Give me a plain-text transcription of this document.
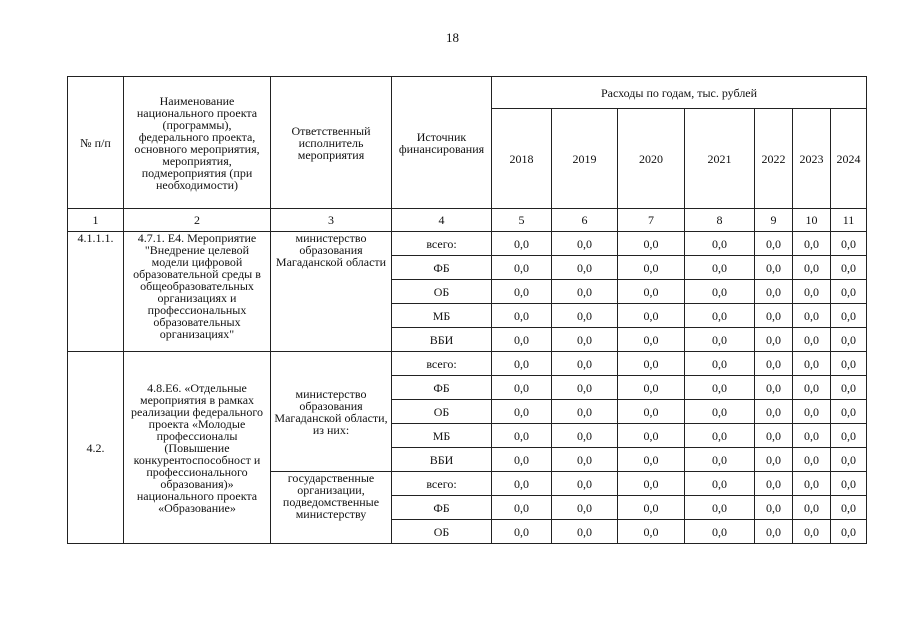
18
№ п/п	Наименование национального проекта (программы), федерального проекта, основного мероприятия, мероприятия, подмероприятия (при необходимости)	Ответственный исполнитель мероприятия	Источник финансирования	Расходы по годам, тыс. рублей						
				2018	2019	2020	2021	2022	2023	2024
1	2	3	4	5	6	7	8	9	10	11
4.1.1.1.	4.7.1. Е4. Мероприятие "Внедрение целевой модели цифровой образовательной среды в общеобразовательных организациях и профессиональных образовательных организациях"	министерство образования Магаданской области	всего:	0,0	0,0	0,0	0,0	0,0	0,0	0,0
			ФБ	0,0	0,0	0,0	0,0	0,0	0,0	0,0
			ОБ	0,0	0,0	0,0	0,0	0,0	0,0	0,0
			МБ	0,0	0,0	0,0	0,0	0,0	0,0	0,0
			ВБИ	0,0	0,0	0,0	0,0	0,0	0,0	0,0
4.2.	4.8.Е6. «Отдельные мероприятия в рамках реализации федерального проекта «Молодые профессионалы (Повышение конкурентоспособност и профессионального образования)» национального проекта «Образование»	министерство образования Магаданской области, из них:	всего:	0,0	0,0	0,0	0,0	0,0	0,0	0,0
			ФБ	0,0	0,0	0,0	0,0	0,0	0,0	0,0
			ОБ	0,0	0,0	0,0	0,0	0,0	0,0	0,0
			МБ	0,0	0,0	0,0	0,0	0,0	0,0	0,0
			ВБИ	0,0	0,0	0,0	0,0	0,0	0,0	0,0
		государственные организации, подведомственные министерству	всего:	0,0	0,0	0,0	0,0	0,0	0,0	0,0
			ФБ	0,0	0,0	0,0	0,0	0,0	0,0	0,0
			ОБ	0,0	0,0	0,0	0,0	0,0	0,0	0,0
